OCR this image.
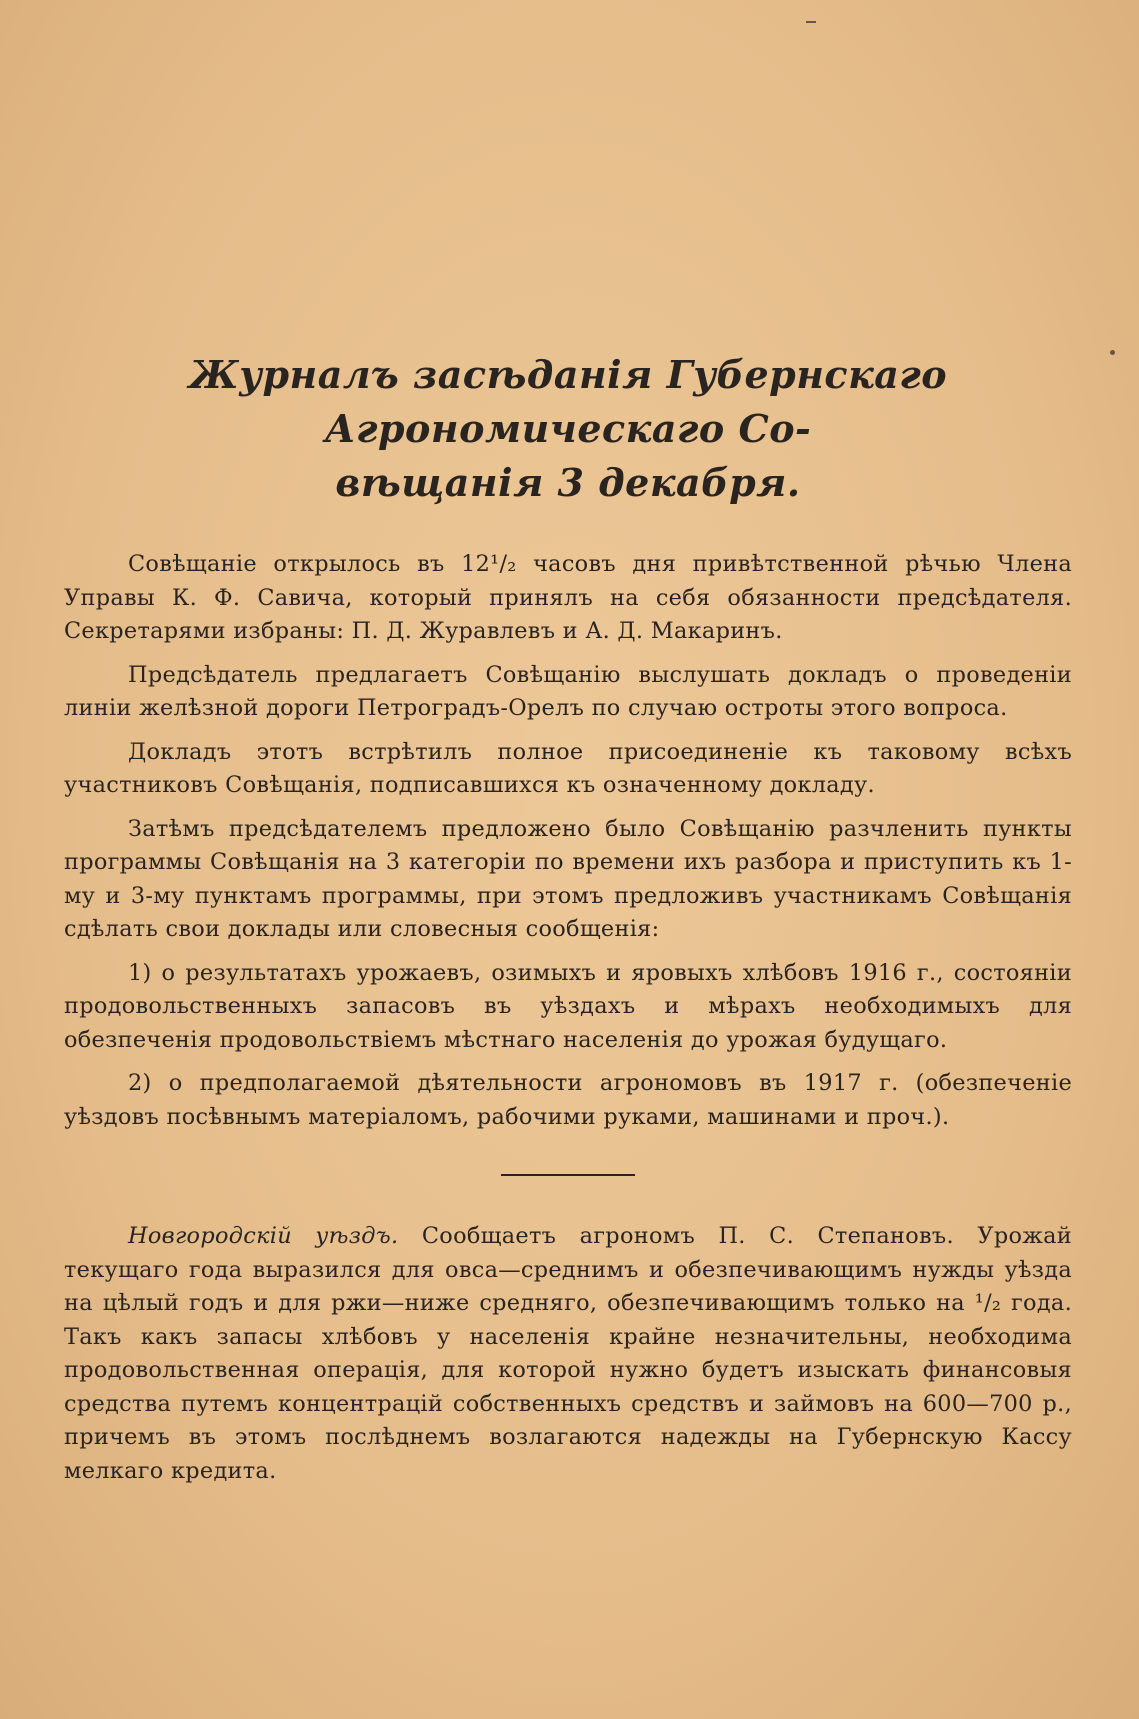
Журналъ засѣданія Губернскаго Агрономическаго Со-
вѣщанія 3 декабря.

Совѣщаніе открылось въ 12¹/₂ часовъ дня привѣтственной рѣчью Члена Управы К. Ф. Савича, который принялъ на себя обязанности предсѣдателя. Секретарями избраны: П. Д. Журавлевъ и А. Д. Макаринъ.

Предсѣдатель предлагаетъ Совѣщанію выслушать докладъ о проведеніи линіи желѣзной дороги Петроградъ-Орелъ по случаю остроты этого вопроса.

Докладъ этотъ встрѣтилъ полное присоединеніе къ таковому всѣхъ участниковъ Совѣщанія, подписавшихся къ означенному докладу.

Затѣмъ предсѣдателемъ предложено было Совѣщанію разчленить пункты программы Совѣщанія на 3 категоріи по времени ихъ разбора и приступить къ 1-му и 3-му пунктамъ программы, при этомъ предложивъ участникамъ Совѣщанія сдѣлать свои доклады или словесныя сообщенія:

1) о результатахъ урожаевъ, озимыхъ и яровыхъ хлѣбовъ 1916 г., состояніи продовольственныхъ запасовъ въ уѣздахъ и мѣрахъ необходимыхъ для обезпеченія продовольствіемъ мѣстнаго населенія до урожая будущаго.

2) о предполагаемой дѣятельности агрономовъ въ 1917 г. (обезпеченіе уѣздовъ посѣвнымъ матеріаломъ, рабочими руками, машинами и проч.).

Новгородскій уѣздъ. Сообщаетъ агрономъ П. С. Степановъ. Урожай текущаго года выразился для овса—среднимъ и обезпечивающимъ нужды уѣзда на цѣлый годъ и для ржи—ниже средняго, обезпечивающимъ только на ¹/₂ года. Такъ какъ запасы хлѣбовъ у населенія крайне незначительны, необходима продовольственная операція, для которой нужно будетъ изыскать финансовыя средства путемъ концентрацій собственныхъ средствъ и займовъ на 600—700 р., причемъ въ этомъ послѣднемъ возлагаются надежды на Губернскую Кассу мелкаго кредита.
